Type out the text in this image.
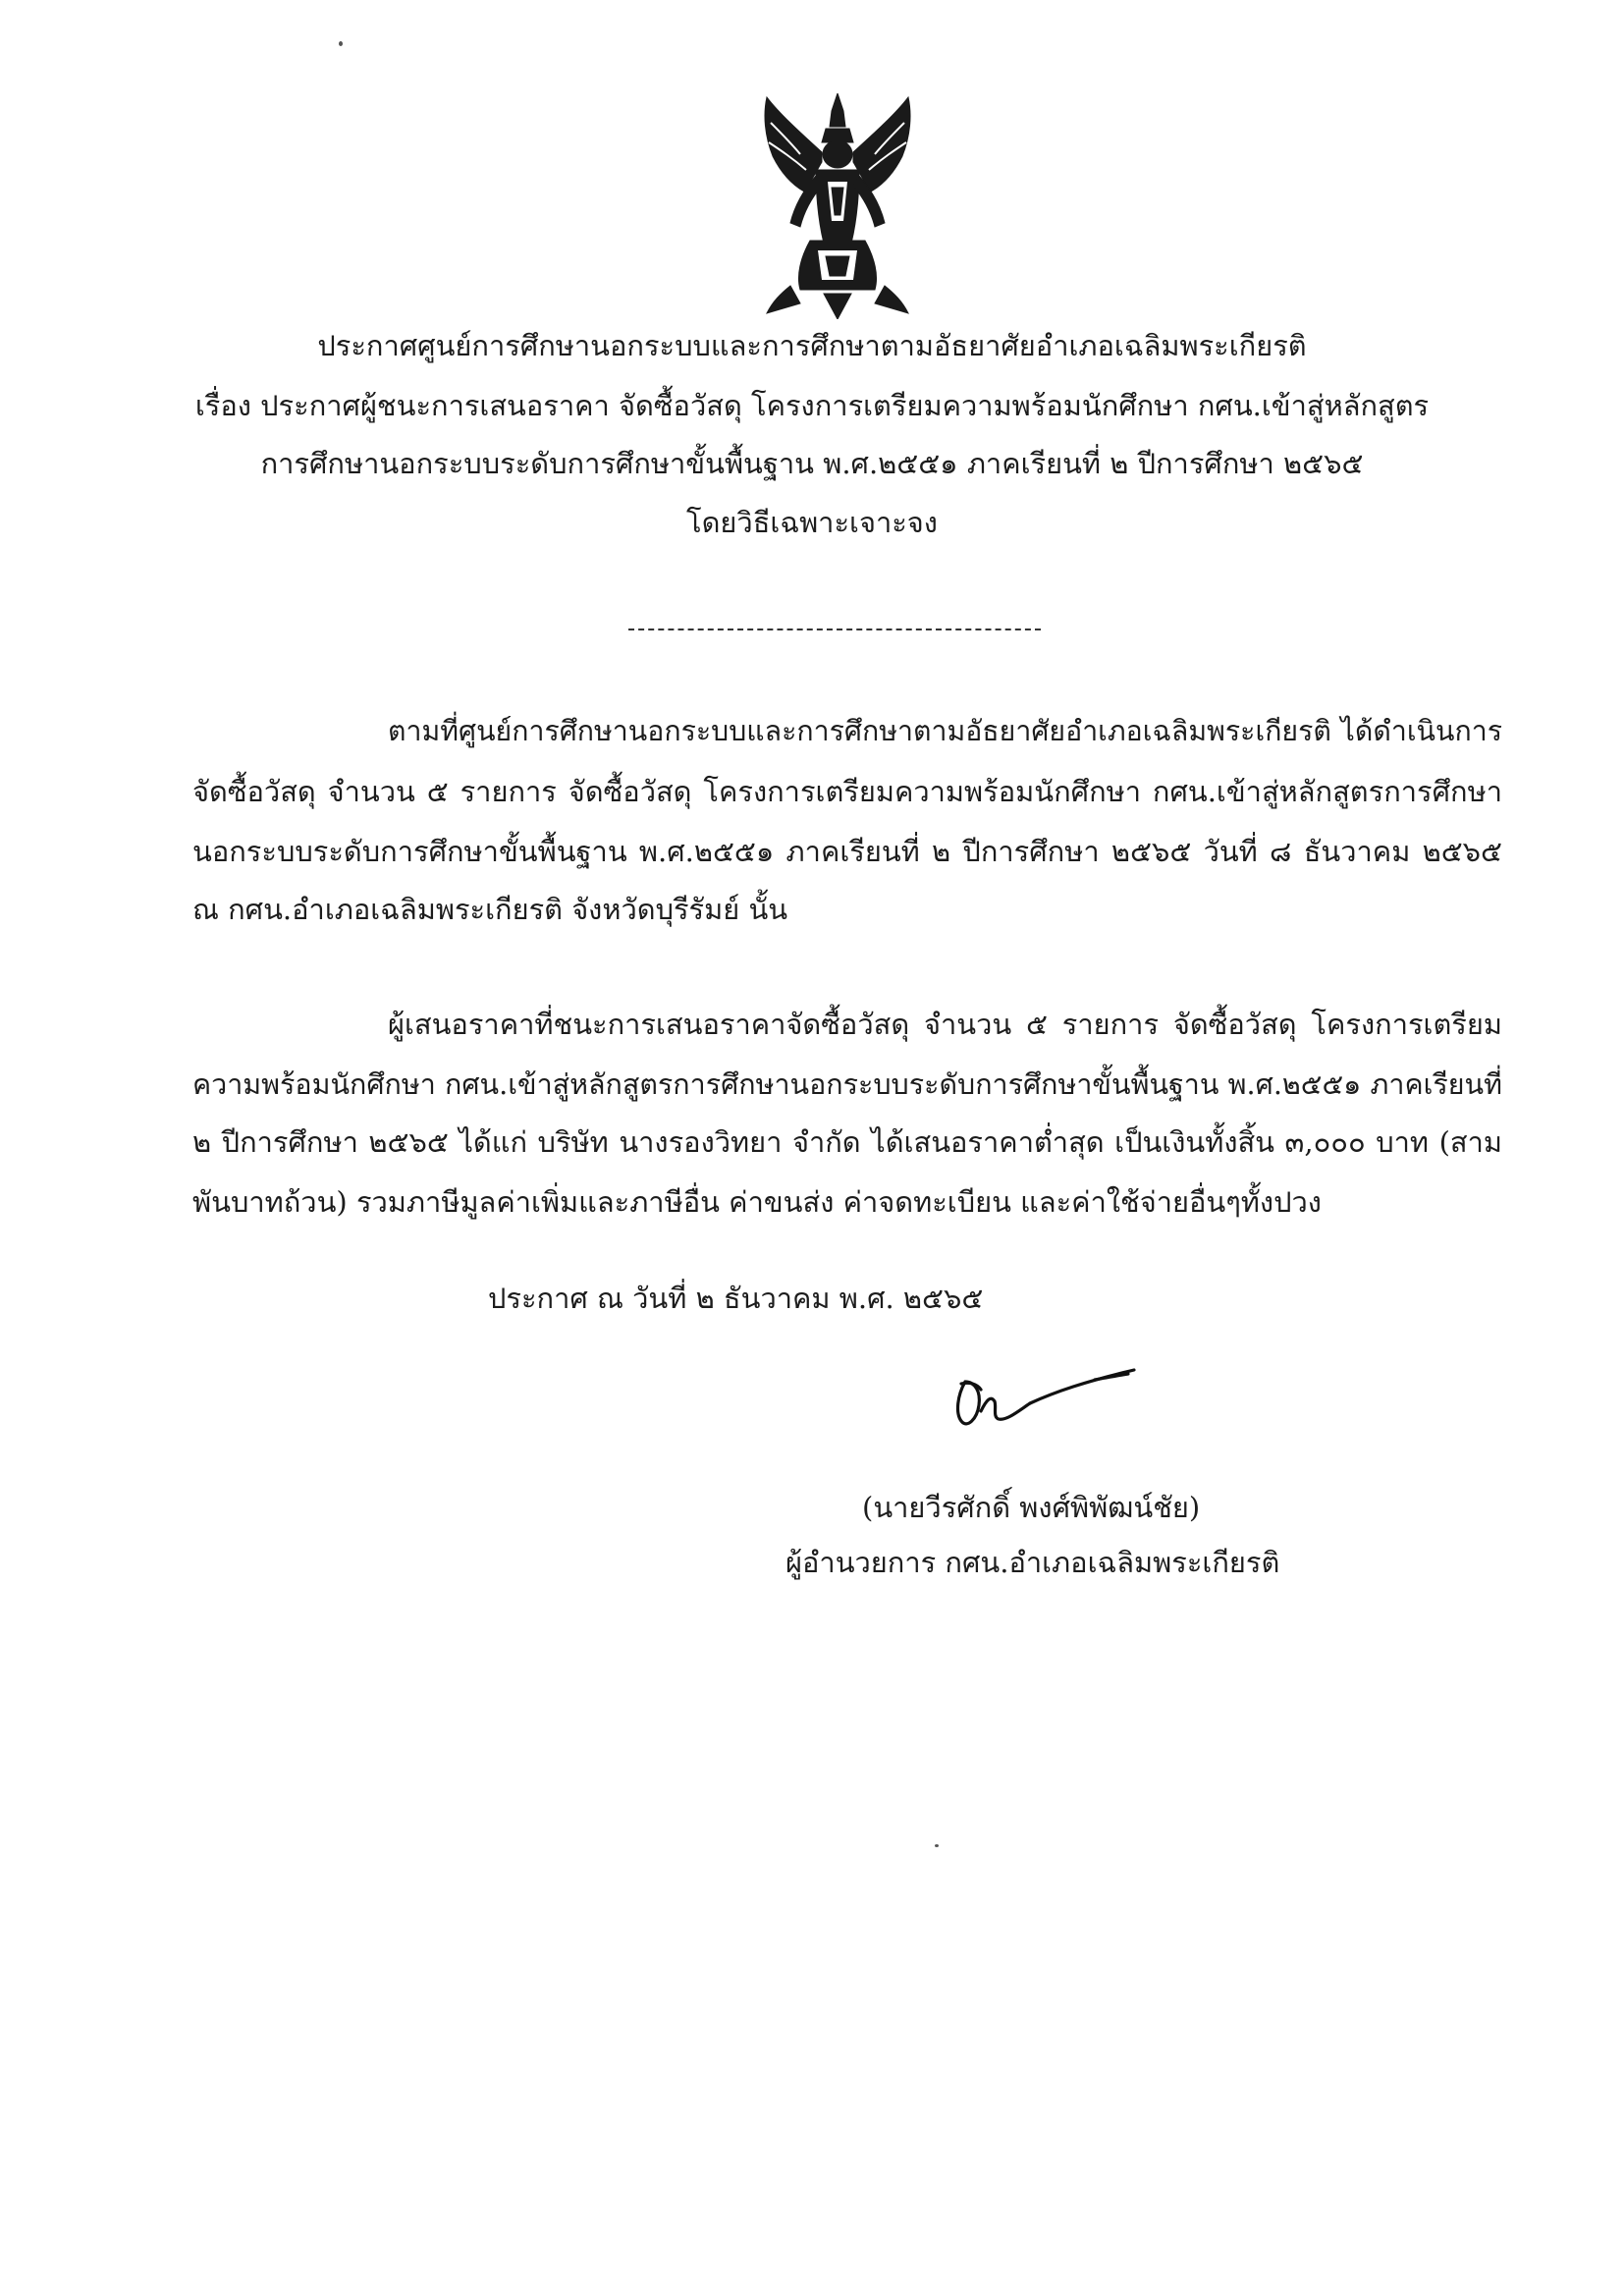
ประกาศศูนย์การศึกษานอกระบบและการศึกษาตามอัธยาศัยอำเภอเฉลิมพระเกียรติ
เรื่อง ประกาศผู้ชนะการเสนอราคา จัดซื้อวัสดุ โครงการเตรียมความพร้อมนักศึกษา กศน.เข้าสู่หลักสูตร
การศึกษานอกระบบระดับการศึกษาขั้นพื้นฐาน พ.ศ.๒๕๕๑ ภาคเรียนที่ ๒ ปีการศึกษา ๒๕๖๕
โดยวิธีเฉพาะเจาะจง
ตามที่ศูนย์การศึกษานอกระบบและการศึกษาตามอัธยาศัยอำเภอเฉลิมพระเกียรติ ได้ดำเนินการ
จัดซื้อวัสดุ จำนวน ๕ รายการ จัดซื้อวัสดุ โครงการเตรียมความพร้อมนักศึกษา กศน.เข้าสู่หลักสูตรการศึกษา
นอกระบบระดับการศึกษาขั้นพื้นฐาน พ.ศ.๒๕๕๑ ภาคเรียนที่ ๒ ปีการศึกษา ๒๕๖๕ วันที่ ๘ ธันวาคม ๒๕๖๕
ณ กศน.อำเภอเฉลิมพระเกียรติ จังหวัดบุรีรัมย์ นั้น
ผู้เสนอราคาที่ชนะการเสนอราคาจัดซื้อวัสดุ จำนวน ๕ รายการ จัดซื้อวัสดุ โครงการเตรียม
ความพร้อมนักศึกษา กศน.เข้าสู่หลักสูตรการศึกษานอกระบบระดับการศึกษาขั้นพื้นฐาน พ.ศ.๒๕๕๑ ภาคเรียนที่
๒ ปีการศึกษา ๒๕๖๕ ได้แก่ บริษัท นางรองวิทยา จำกัด ได้เสนอราคาต่ำสุด เป็นเงินทั้งสิ้น ๓,๐๐๐ บาท (สาม
พันบาทถ้วน) รวมภาษีมูลค่าเพิ่มและภาษีอื่น ค่าขนส่ง ค่าจดทะเบียน และค่าใช้จ่ายอื่นๆทั้งปวง
ประกาศ ณ วันที่ ๒ ธันวาคม พ.ศ. ๒๕๖๕
(นายวีรศักดิ์ พงศ์พิพัฒน์ชัย)
ผู้อำนวยการ กศน.อำเภอเฉลิมพระเกียรติ
